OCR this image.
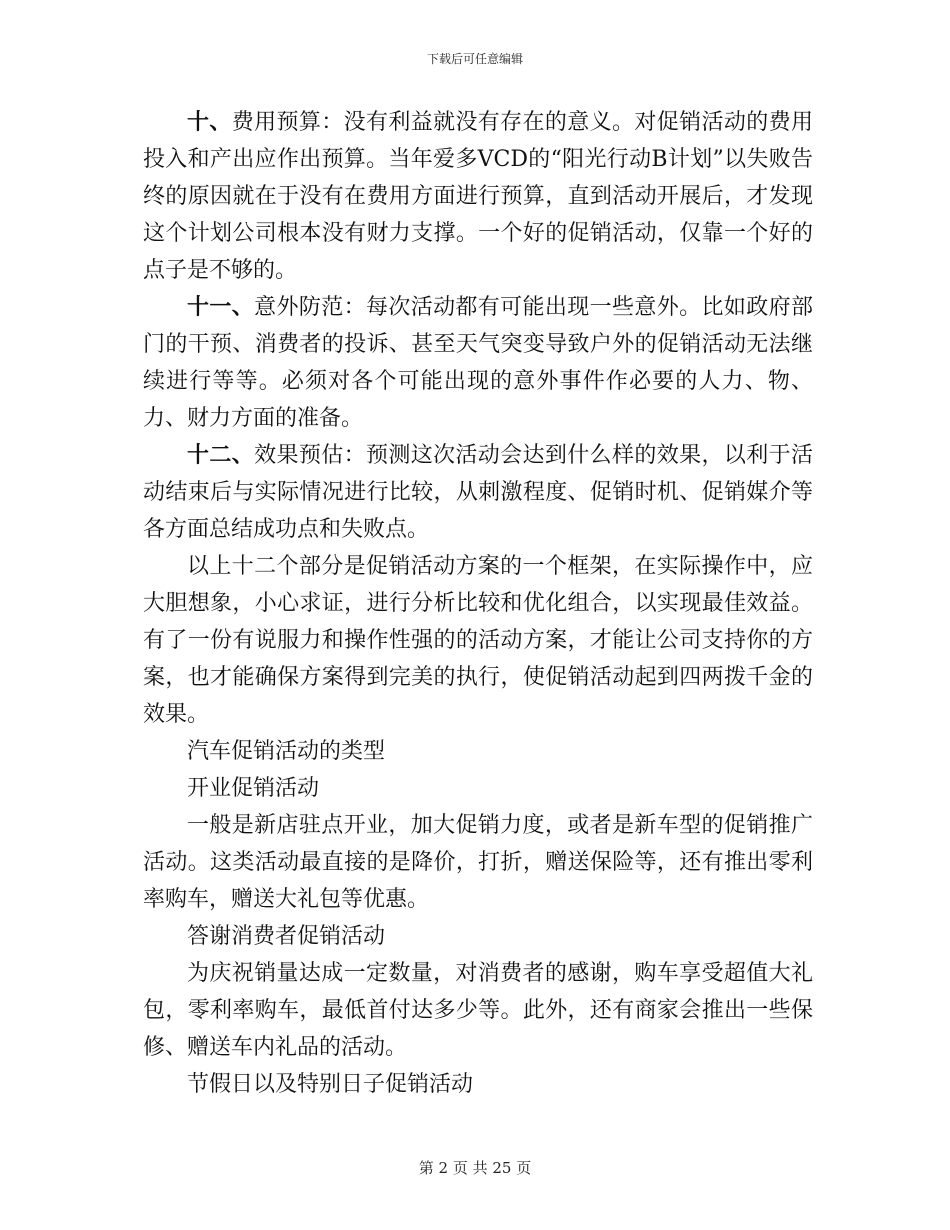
下载后可任意编辑

十、费用预算：没有利益就没有存在的意义。对促销活动的费用投入和产出应作出预算。当年爱多VCD的“阳光行动B计划”以失败告终的原因就在于没有在费用方面进行预算，直到活动开展后，才发现这个计划公司根本没有财力支撑。一个好的促销活动，仅靠一个好的点子是不够的。

十一、意外防范：每次活动都有可能出现一些意外。比如政府部门的干预、消费者的投诉、甚至天气突变导致户外的促销活动无法继续进行等等。必须对各个可能出现的意外事件作必要的人力、物、力、财力方面的准备。

十二、效果预估：预测这次活动会达到什么样的效果，以利于活动结束后与实际情况进行比较，从刺激程度、促销时机、促销媒介等各方面总结成功点和失败点。

以上十二个部分是促销活动方案的一个框架，在实际操作中，应大胆想象，小心求证，进行分析比较和优化组合，以实现最佳效益。有了一份有说服力和操作性强的的活动方案，才能让公司支持你的方案，也才能确保方案得到完美的执行，使促销活动起到四两拨千金的效果。

汽车促销活动的类型

开业促销活动

一般是新店驻点开业，加大促销力度，或者是新车型的促销推广活动。这类活动最直接的是降价，打折，赠送保险等，还有推出零利率购车，赠送大礼包等优惠。

答谢消费者促销活动

为庆祝销量达成一定数量，对消费者的感谢，购车享受超值大礼包，零利率购车，最低首付达多少等。此外，还有商家会推出一些保修、赠送车内礼品的活动。

节假日以及特别日子促销活动

第 2 页 共 25 页
